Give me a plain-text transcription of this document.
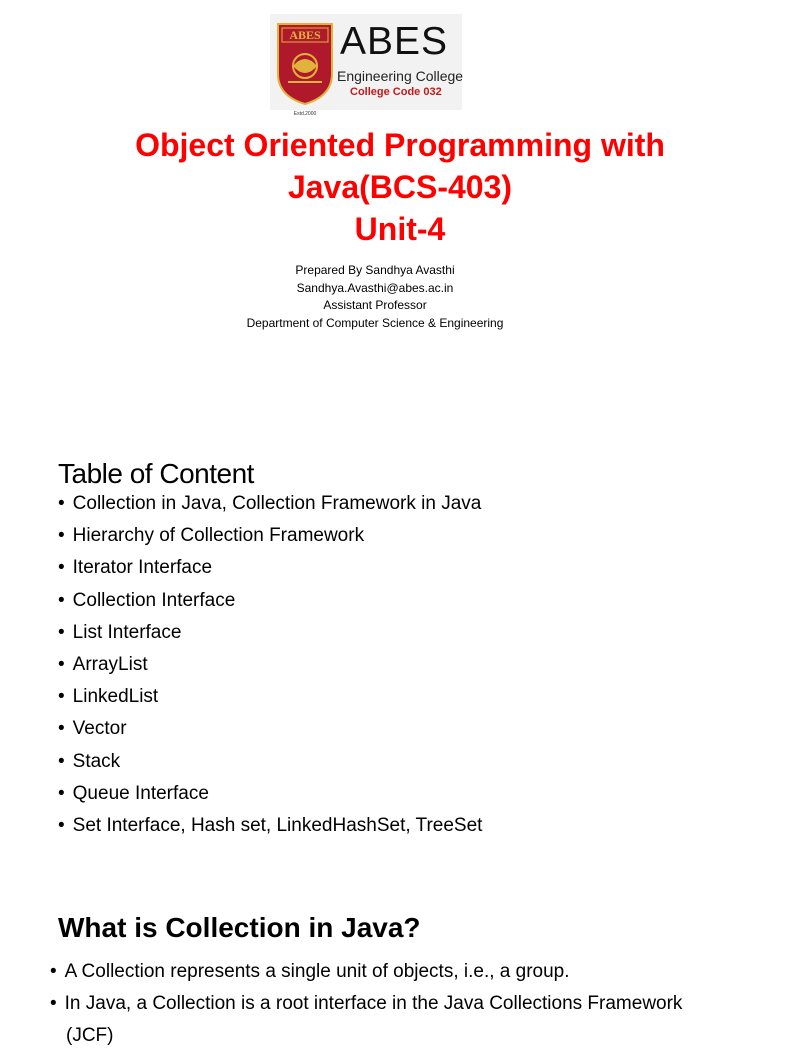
ABES
Estd.2000
ABES
Engineering College
College Code 032
Object Oriented Programming with
Java(BCS-403)
Unit-4
Prepared By Sandhya Avasthi
Sandhya.Avasthi@abes.ac.in
Assistant Professor
Department of Computer Science & Engineering
Table of Content
• Collection in Java, Collection Framework in Java
• Hierarchy of Collection Framework
• Iterator Interface
• Collection Interface
• List Interface
• ArrayList
• LinkedList
• Vector
• Stack
• Queue Interface
• Set Interface, Hash set, LinkedHashSet, TreeSet
What is Collection in Java?
• A Collection represents a single unit of objects, i.e., a group.
• In Java, a Collection is a root interface in the Java Collections Framework
(JCF)
